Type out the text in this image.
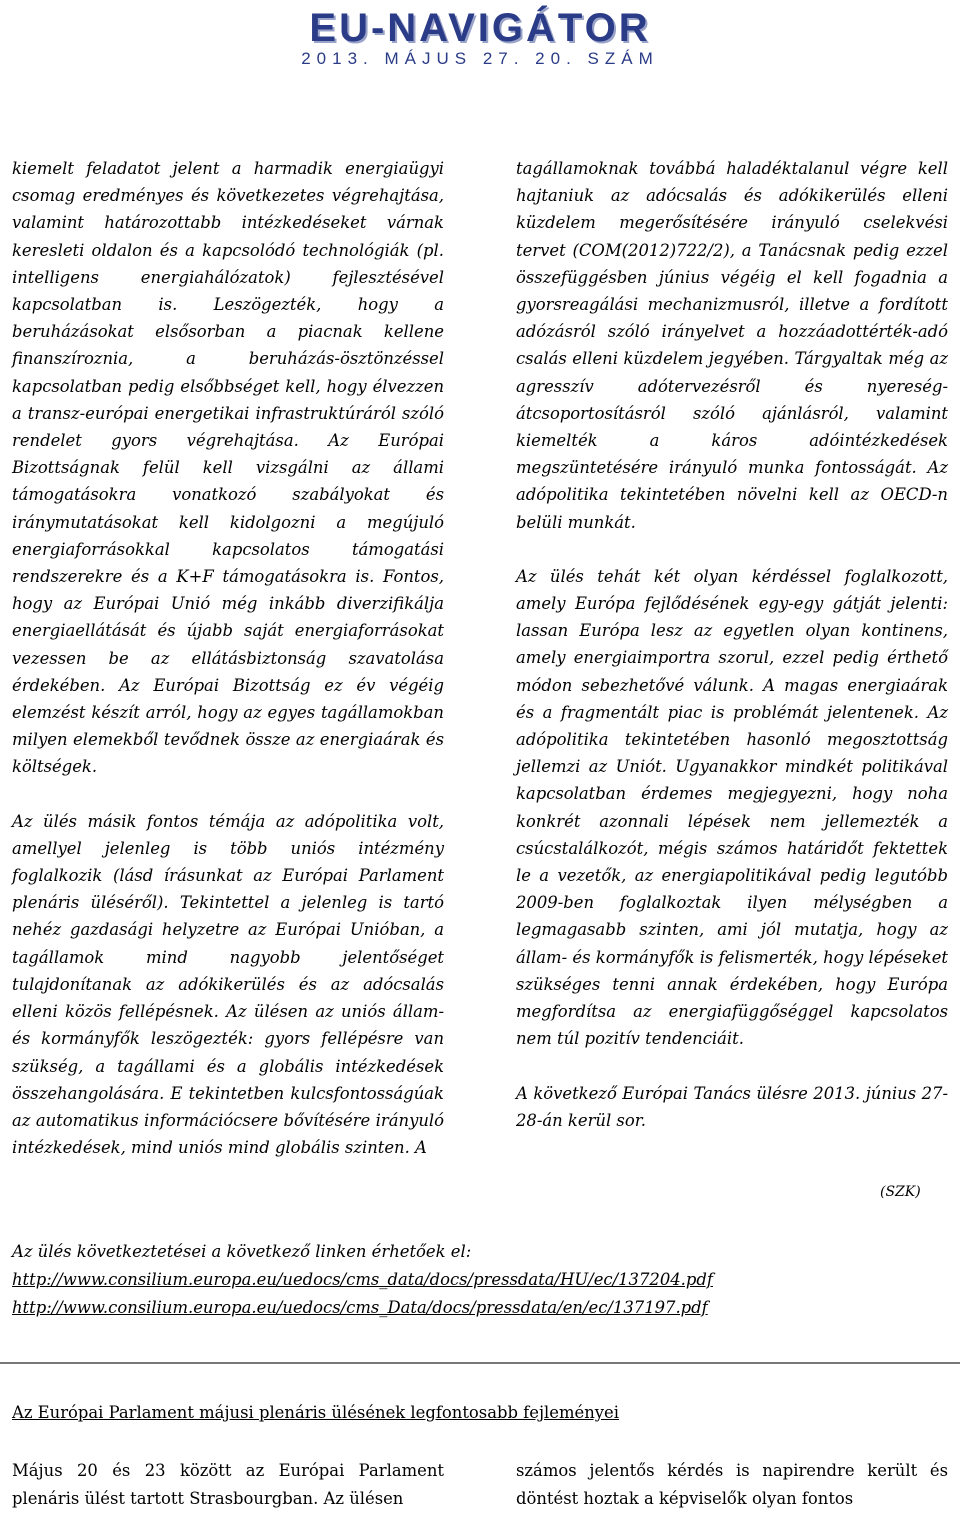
EU-NAVIGÁTOR
2013. MÁJUS 27. 20. SZÁM

kiemelt feladatot jelent a harmadik energiaügyi csomag eredményes és következetes végrehajtása, valamint határozottabb intézkedéseket várnak keresleti oldalon és a kapcsolódó technológiák (pl. intelligens energiahálózatok) fejlesztésével kapcsolatban is. Leszögezték, hogy a beruházásokat elsősorban a piacnak kellene finanszíroznia, a beruházás-ösztönzéssel kapcsolatban pedig elsőbbséget kell, hogy élvezzen a transz-európai energetikai infrastruktúráról szóló rendelet gyors végrehajtása. Az Európai Bizottságnak felül kell vizsgálni az állami támogatásokra vonatkozó szabályokat és iránymutatásokat kell kidolgozni a megújuló energiaforrásokkal kapcsolatos támogatási rendszerekre és a K+F támogatásokra is. Fontos, hogy az Európai Unió még inkább diverzifikálja energiaellátását és újabb saját energiaforrásokat vezessen be az ellátásbiztonság szavatolása érdekében. Az Európai Bizottság ez év végéig elemzést készít arról, hogy az egyes tagállamokban milyen elemekből tevődnek össze az energiaárak és költségek.

Az ülés másik fontos témája az adópolitika volt, amellyel jelenleg is több uniós intézmény foglalkozik (lásd írásunkat az Európai Parlament plenáris üléséről). Tekintettel a jelenleg is tartó nehéz gazdasági helyzetre az Európai Unióban, a tagállamok mind nagyobb jelentőséget tulajdonítanak az adókikerülés és az adócsalás elleni közös fellépésnek. Az ülésen az uniós állam- és kormányfők leszögezték: gyors fellépésre van szükség, a tagállami és a globális intézkedések összehangolására. E tekintetben kulcsfontosságúak az automatikus információcsere bővítésére irányuló intézkedések, mind uniós mind globális szinten. A

tagállamoknak továbbá haladéktalanul végre kell hajtaniuk az adócsalás és adókikerülés elleni küzdelem megerősítésére irányuló cselekvési tervet (COM(2012)722/2), a Tanácsnak pedig ezzel összefüggésben június végéig el kell fogadnia a gyorsreagálási mechanizmusról, illetve a fordított adózásról szóló irányelvet a hozzáadottérték-adó csalás elleni küzdelem jegyében. Tárgyaltak még az agresszív adótervezésről és nyereség-átcsoportosításról szóló ajánlásról, valamint kiemelték a káros adóintézkedések megszüntetésére irányuló munka fontosságát. Az adópolitika tekintetében növelni kell az OECD-n belüli munkát.

Az ülés tehát két olyan kérdéssel foglalkozott, amely Európa fejlődésének egy-egy gátját jelenti: lassan Európa lesz az egyetlen olyan kontinens, amely energiaimportra szorul, ezzel pedig érthető módon sebezhetővé válunk. A magas energiaárak és a fragmentált piac is problémát jelentenek. Az adópolitika tekintetében hasonló megosztottság jellemzi az Uniót. Ugyanakkor mindkét politikával kapcsolatban érdemes megjegyezni, hogy noha konkrét azonnali lépések nem jellemezték a csúcstalálkozót, mégis számos határidőt fektettek le a vezetők, az energiapolitikával pedig legutóbb 2009-ben foglalkoztak ilyen mélységben a legmagasabb szinten, ami jól mutatja, hogy az állam- és kormányfők is felismerték, hogy lépéseket szükséges tenni annak érdekében, hogy Európa megfordítsa az energiafüggőséggel kapcsolatos nem túl pozitív tendenciáit.

A következő Európai Tanács ülésre 2013. június 27-28-án kerül sor.

(SZK)
Az ülés következtetései a következő linken érhetőek el:
http://www.consilium.europa.eu/uedocs/cms_data/docs/pressdata/HU/ec/137204.pdf
http://www.consilium.europa.eu/uedocs/cms_Data/docs/pressdata/en/ec/137197.pdf
Az Európai Parlament májusi plenáris ülésének legfontosabb fejleményei
Május 20 és 23 között az Európai Parlament plenáris ülést tartott Strasbourgban. Az ülésen
számos jelentős kérdés is napirendre került és döntést hoztak a képviselők olyan fontos
